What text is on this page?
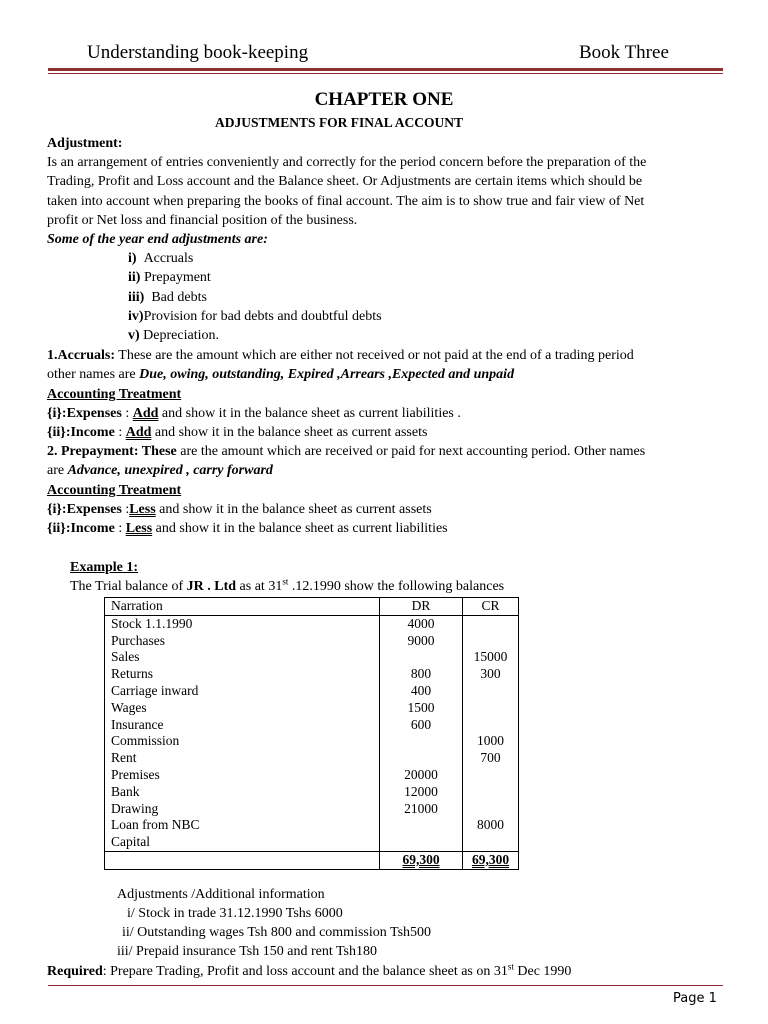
Understanding book-keeping	Book Three
CHAPTER ONE
ADJUSTMENTS FOR FINAL ACCOUNT
Adjustment:
Is an arrangement of entries conveniently and correctly for the period concern before the preparation of the
Trading, Profit and Loss account and the Balance sheet. Or Adjustments are certain items which should be
taken into account when preparing the books of final account. The aim is to show true and fair view of Net
profit or Net loss and financial position of the business.
Some of the year end adjustments are:
i) Accruals
ii) Prepayment
iii) Bad debts
iv)Provision for bad debts and doubtful debts
v) Depreciation.
1.Accruals: These are the amount which are either not received or not paid at the end of a trading period
other names are Due, owing, outstanding, Expired ,Arrears ,Expected and unpaid
Accounting Treatment
{i}:Expenses : Add and show it in the balance sheet as current liabilities .
{ii}:Income : Add and show it in the balance sheet as current assets
2. Prepayment: These are the amount which are received or paid for next accounting period. Other names
are Advance, unexpired , carry forward
Accounting Treatment
{i}:Expenses :Less and show it in the balance sheet as current assets
{ii}:Income : Less and show it in the balance sheet as current liabilities
Example 1:
The Trial balance of JR . Ltd as at 31st .12.1990 show the following balances
Narration	DR	CR
Stock 1.1.1990	4000	
Purchases	9000	
Sales		15000
Returns	800	300
Carriage inward	400	
Wages	1500	
Insurance	600	
Commission		1000
Rent		700
Premises	20000	
Bank	12000	
Drawing	21000	
Loan from NBC		8000
Capital		
	69,300	69,300
Adjustments /Additional information
i/ Stock in trade 31.12.1990 Tshs 6000
ii/ Outstanding wages Tsh 800 and commission Tsh500
iii/ Prepaid insurance Tsh 150 and rent Tsh180
Required: Prepare Trading, Profit and loss account and the balance sheet as on 31st Dec 1990
Page 1
